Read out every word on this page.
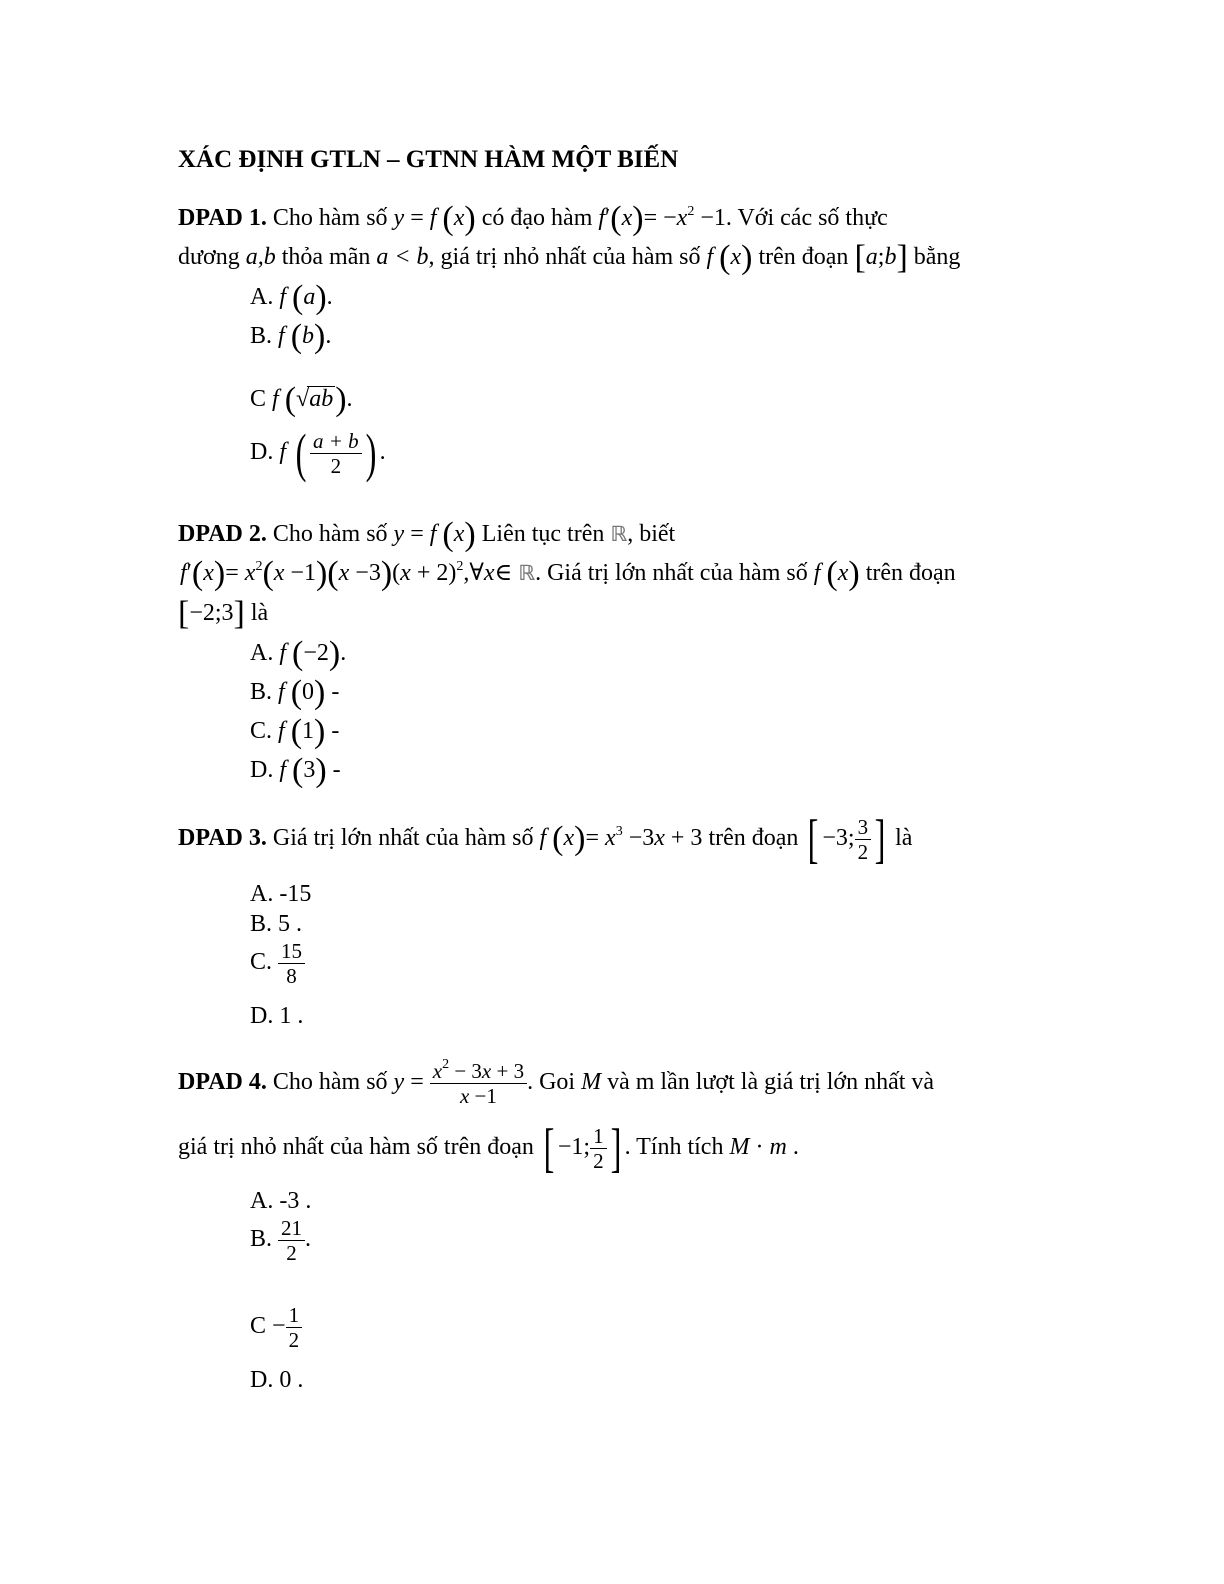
XÁC ĐỊNH GTLN – GTNN HÀM MỘT BIẾN
DPAD 1. Cho hàm số y = f (x) có đạo hàm $f'(x)= -x^2 -1$. Với các số thực
dương a,b thỏa mãn a < b, giá trị nhỏ nhất của hàm số f (x) trên đoạn [a;b] bằng
A. f (a).
B. f (b).
C f (√ab).
D. f ( $\frac{a + b}{2}$ ) .
DPAD 2. Cho hàm số y = f (x) Liên tục trên ℝ, biết
$f'(x)= x^2(x -1)(x -3)(x$ + $2)^2,\forall x\in$ ℝ. Giá trị lớn nhất của hàm số f (x) trên đoạn
[−2;3] là
A. f (−2).
B. f (0) -
C. f (1) -
D. f (3) -
DPAD 3. Giá trị lớn nhất của hàm số f $(x)= x^3 -3x + 3$ trên đoạn [ −3; $\frac{3}{2}$ ] là
A. -15
B. 5 .
C. $\frac{15}{8}$
D. 1 .
DPAD 4. Cho hàm số $y = \frac{x^2 - 3x + 3}{x -1}$ . Goi M và m lần lượt là giá trị lớn nhất và
giá trị nhỏ nhất của hàm số trên đoạn [ −1; $\frac{1}{2}$ ] . Tính tích M · m .
A. -3 .
B. $\frac{21}{2}$ .
$C - \frac{1}{2}$
D. 0 .
